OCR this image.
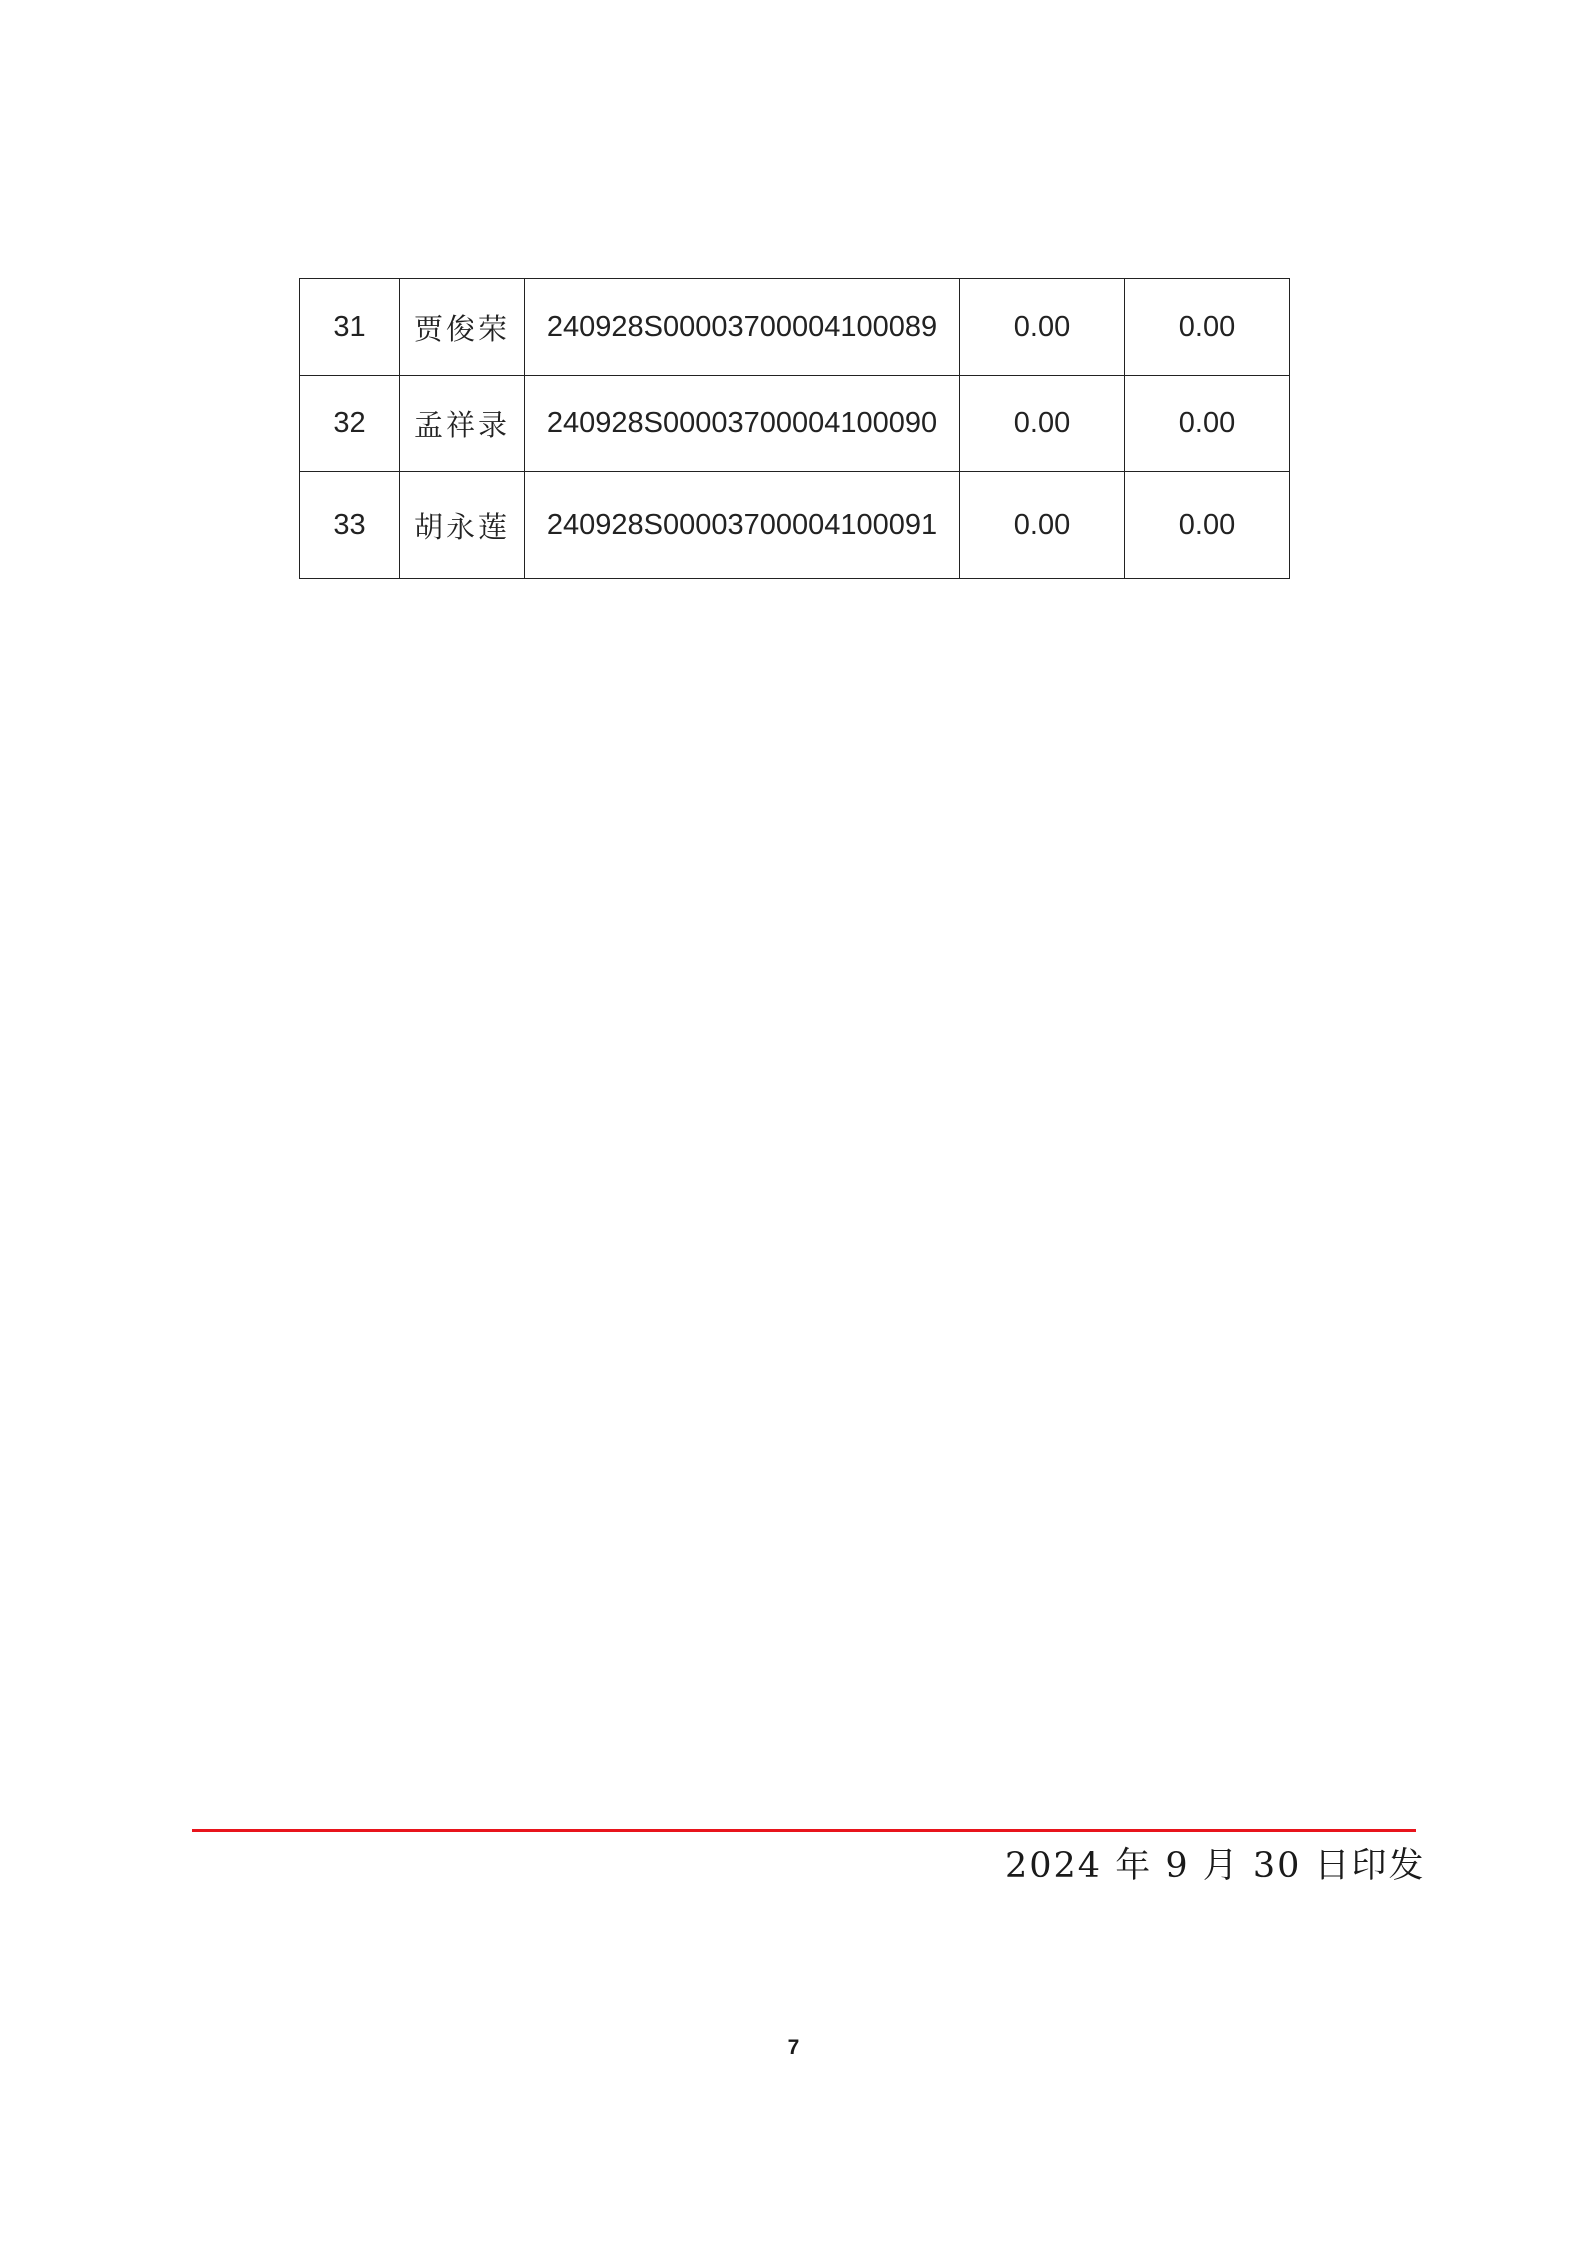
31	贾俊荣	240928S00003700004100089	0.00	0.00
32	孟祥录	240928S00003700004100090	0.00	0.00
33	胡永莲	240928S00003700004100091	0.00	0.00
2024 年 9 月 30 日印发
7
